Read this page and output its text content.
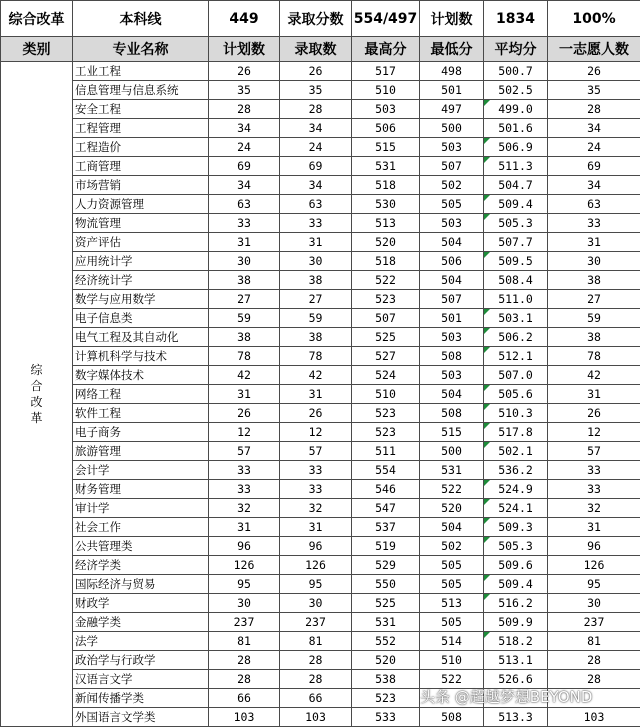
综合改革	本科线	449	录取分数	554/497	计划数	1834	100%

类别	专业名称	计划数	录取数	最高分	最低分	平均分	一志愿人数
综合改革	工业工程	26	26	517	498	500.7	26
	信息管理与信息系统	35	35	510	501	502.5	35
	安全工程	28	28	503	497	499.0	28
	工程管理	34	34	506	500	501.6	34
	工程造价	24	24	515	503	506.9	24
	工商管理	69	69	531	507	511.3	69
	市场营销	34	34	518	502	504.7	34
	人力资源管理	63	63	530	505	509.4	63
	物流管理	33	33	513	503	505.3	33
	资产评估	31	31	520	504	507.7	31
	应用统计学	30	30	518	506	509.5	30
	经济统计学	38	38	522	504	508.4	38
	数学与应用数学	27	27	523	507	511.0	27
	电子信息类	59	59	507	501	503.1	59
	电气工程及其自动化	38	38	525	503	506.2	38
	计算机科学与技术	78	78	527	508	512.1	78
	数字媒体技术	42	42	524	503	507.0	42
	网络工程	31	31	510	504	505.6	31
	软件工程	26	26	523	508	510.3	26
	电子商务	12	12	523	515	517.8	12
	旅游管理	57	57	511	500	502.1	57
	会计学	33	33	554	531	536.2	33
	财务管理	33	33	546	522	524.9	33
	审计学	32	32	547	520	524.1	32
	社会工作	31	31	537	504	509.3	31
	公共管理类	96	96	519	502	505.3	96
	经济学类	126	126	529	505	509.6	126
	国际经济与贸易	95	95	550	505	509.4	95
	财政学	30	30	525	513	516.2	30
	金融学类	237	237	531	505	509.9	237
	法学	81	81	552	514	518.2	81
	政治学与行政学	28	28	520	510	513.1	28
	汉语言文学	28	28	538	522	526.6	28
	新闻传播学类	66	66	523			
	外国语言文学类	103	103	533	508	513.3	103
头条 @超越梦想BEYOND
